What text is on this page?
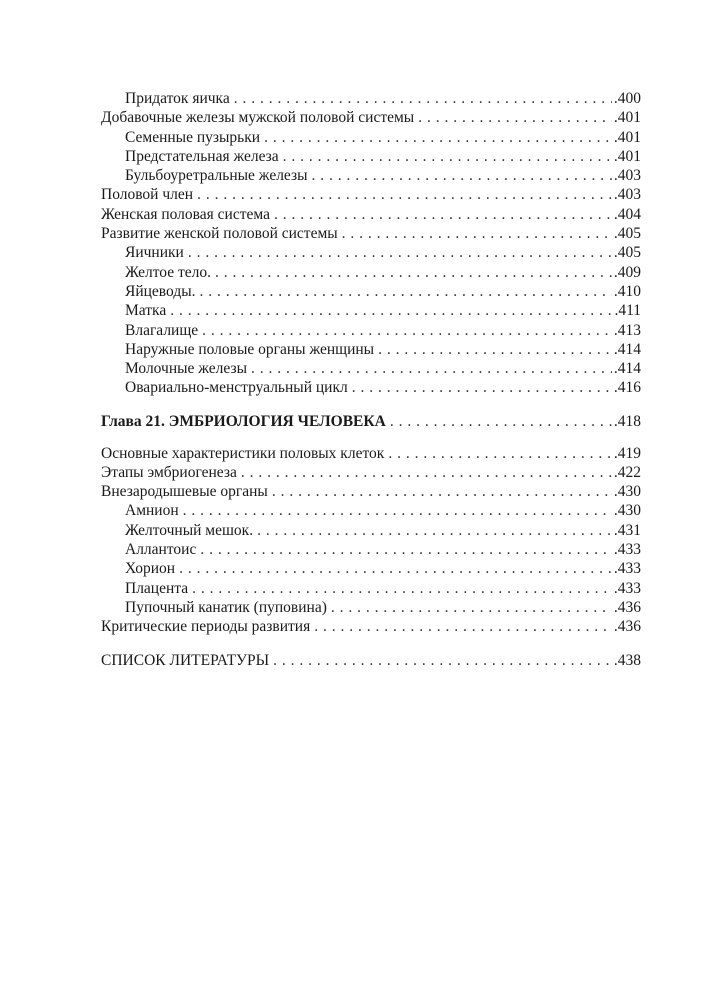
Придаток яичка . . .	.400
Добавочные железы мужской половой системы . . .	.401
Семенные пузырьки . . .	.401
Предстательная железа . . .	.401
Бульбоуретральные железы . . .	.403
Половой член . . .	.403
Женская половая система . . .	.404
Развитие женской половой системы . . .	.405
Яичники . . .	.405
Желтое тело. . . .	.409
Яйцеводы. . . .	.410
Матка . . .	.411
Влагалище . . .	.413
Наружные половые органы женщины . . .	.414
Молочные железы . . .	.414
Овариально-менструальный цикл . . .	.416
Глава 21. ЭМБРИОЛОГИЯ ЧЕЛОВЕКА . . .	.418
Основные характеристики половых клеток . . .	.419
Этапы эмбриогенеза . . .	.422
Внезародышевые органы . . .	.430
Амнион . . .	.430
Желточный мешок. . . .	.431
Аллантоис . . .	.433
Хорион . . .	.433
Плацента . . .	.433
Пупочный канатик (пуповина) . . .	.436
Критические периоды развития . . .	.436
СПИСОК ЛИТЕРАТУРЫ . . .	.438
